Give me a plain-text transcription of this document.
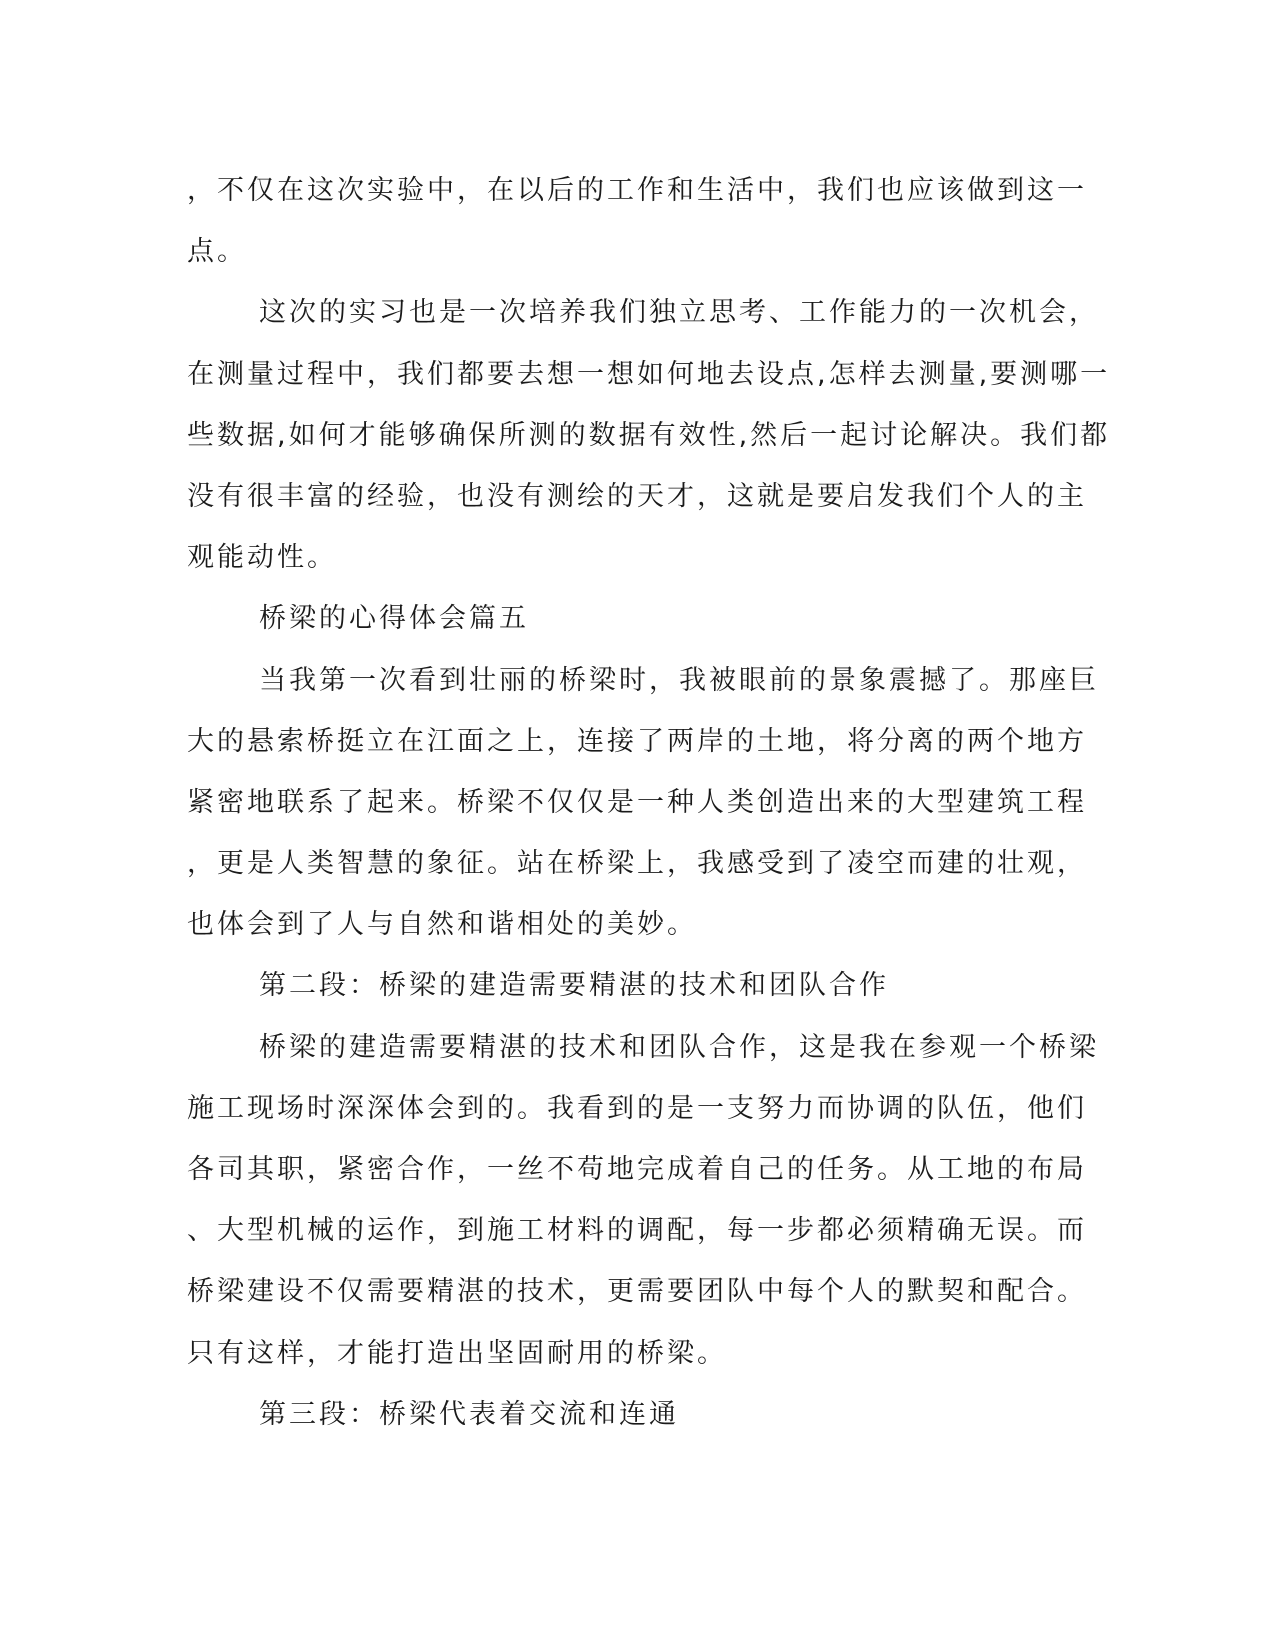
，不仅在这次实验中，在以后的工作和生活中，我们也应该做到这一
点。
这次的实习也是一次培养我们独立思考、工作能力的一次机会，
在测量过程中，我们都要去想一想如何地去设点,怎样去测量,要测哪一
些数据,如何才能够确保所测的数据有效性,然后一起讨论解决。我们都
没有很丰富的经验，也没有测绘的天才，这就是要启发我们个人的主
观能动性。
桥梁的心得体会篇五
当我第一次看到壮丽的桥梁时，我被眼前的景象震撼了。那座巨
大的悬索桥挺立在江面之上，连接了两岸的土地，将分离的两个地方
紧密地联系了起来。桥梁不仅仅是一种人类创造出来的大型建筑工程
，更是人类智慧的象征。站在桥梁上，我感受到了凌空而建的壮观，
也体会到了人与自然和谐相处的美妙。
第二段：桥梁的建造需要精湛的技术和团队合作
桥梁的建造需要精湛的技术和团队合作，这是我在参观一个桥梁
施工现场时深深体会到的。我看到的是一支努力而协调的队伍，他们
各司其职，紧密合作，一丝不苟地完成着自己的任务。从工地的布局
、大型机械的运作，到施工材料的调配，每一步都必须精确无误。而
桥梁建设不仅需要精湛的技术，更需要团队中每个人的默契和配合。
只有这样，才能打造出坚固耐用的桥梁。
第三段：桥梁代表着交流和连通
